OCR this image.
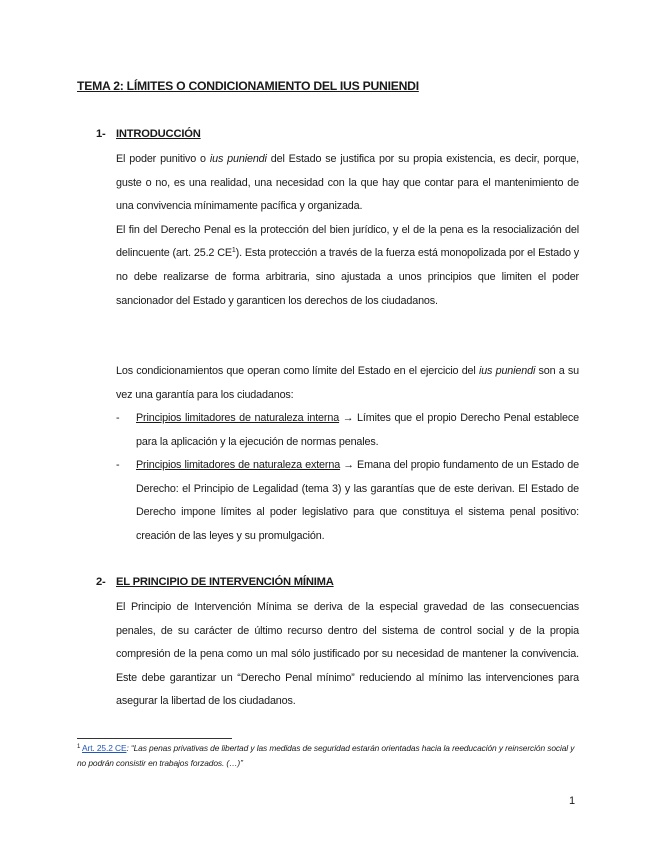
TEMA 2: LÍMITES O CONDICIONAMIENTO DEL IUS PUNIENDI
1- INTRODUCCIÓN

El poder punitivo o ius puniendi del Estado se justifica por su propia existencia, es decir, porque, guste o no, es una realidad, una necesidad con la que hay que contar para el mantenimiento de una convivencia mínimamente pacífica y organizada.

El fin del Derecho Penal es la protección del bien jurídico, y el de la pena es la resocialización del delincuente (art. 25.2 CE$^1$). Esta protección a través de la fuerza está monopolizada por el Estado y no debe realizarse de forma arbitraria, sino ajustada a unos principios que limiten el poder sancionador del Estado y garanticen los derechos de los ciudadanos.

Los condicionamientos que operan como límite del Estado en el ejercicio del ius puniendi son a su vez una garantía para los ciudadanos:

- Principios limitadores de naturaleza interna → Límites que el propio Derecho Penal establece para la aplicación y la ejecución de normas penales.
- Principios limitadores de naturaleza externa → Emana del propio fundamento de un Estado de Derecho: el Principio de Legalidad (tema 3) y las garantías que de este derivan. El Estado de Derecho impone límites al poder legislativo para que constituya el sistema penal positivo: creación de las leyes y su promulgación.
2- EL PRINCIPIO DE INTERVENCIÓN MÍNIMA

El Principio de Intervención Mínima se deriva de la especial gravedad de las consecuencias penales, de su carácter de último recurso dentro del sistema de control social y de la propia compresión de la pena como un mal sólo justificado por su necesidad de mantener la convivencia. Este debe garantizar un “Derecho Penal mínimo” reduciendo al mínimo las intervenciones para asegurar la libertad de los ciudadanos.

$^1$ Art. 25.2 CE: “Las penas privativas de libertad y las medidas de seguridad estarán orientadas hacia la reeducación y reinserción social y no podrán consistir en trabajos forzados. (…)”
1
